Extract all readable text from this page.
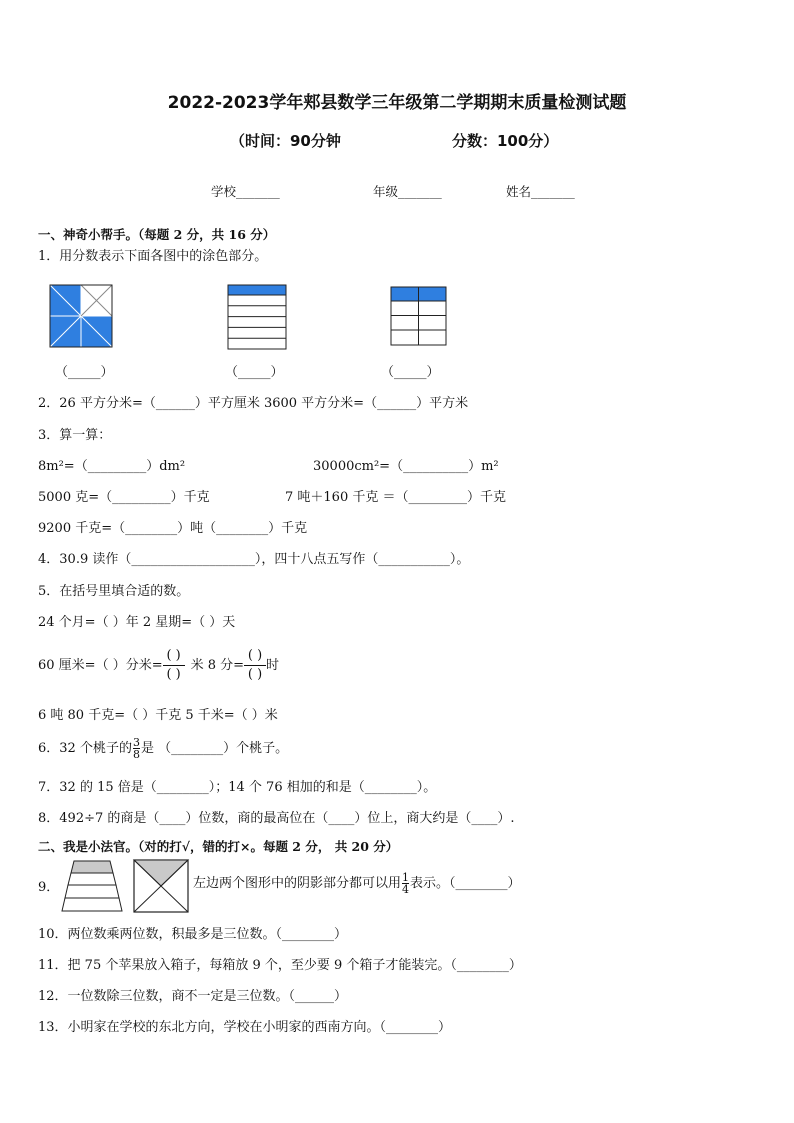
2022-2023学年郏县数学三年级第二学期期末质量检测试题
（时间：90分钟	分数：100分）
学校_______	年级_______	姓名_______
一、神奇小帮手。（每题 2 分，共 16 分）
1．用分数表示下面各图中的涂色部分。
（_____）	（_____）	（_____）
2．26 平方分米=（______）平方厘米 3600 平方分米=（______）平方米
3．算一算：
8m²=（_________）dm²	30000cm²=（__________）m²
5000 克=（_________）千克	7 吨＋160 千克 ＝（_________）千克
9200 千克=（________）吨（________）千克
4．30.9 读作（___________________），四十八点五写作（___________）。
5．在括号里填合适的数。
24 个月=（ ）年 2 星期=（ ）天
60 厘米=（ ）分米=
( )
( )
米 8 分=
( )
( )
时
6 吨 80 千克=（ ）千克 5 千米=（ ）米
6．32 个桃子的 $\frac{3}{8}$ 是 （________）个桃子。
7．32 的 15 倍是（________）；14 个 76 相加的和是（________）。
8．492÷7 的商是（____）位数，商的最高位在（____）位上，商大约是（____）.
二、我是小法官。（对的打√，错的打×。每题 2 分， 共 20 分）
9．	左边两个图形中的阴影部分都可以用 $\frac{1}{4}$ 表示。（________）
10．两位数乘两位数，积最多是三位数。（________）
11．把 75 个苹果放入箱子，每箱放 9 个，至少要 9 个箱子才能装完。（________）
12．一位数除三位数，商不一定是三位数。（______）
13．小明家在学校的东北方向，学校在小明家的西南方向。（________）
